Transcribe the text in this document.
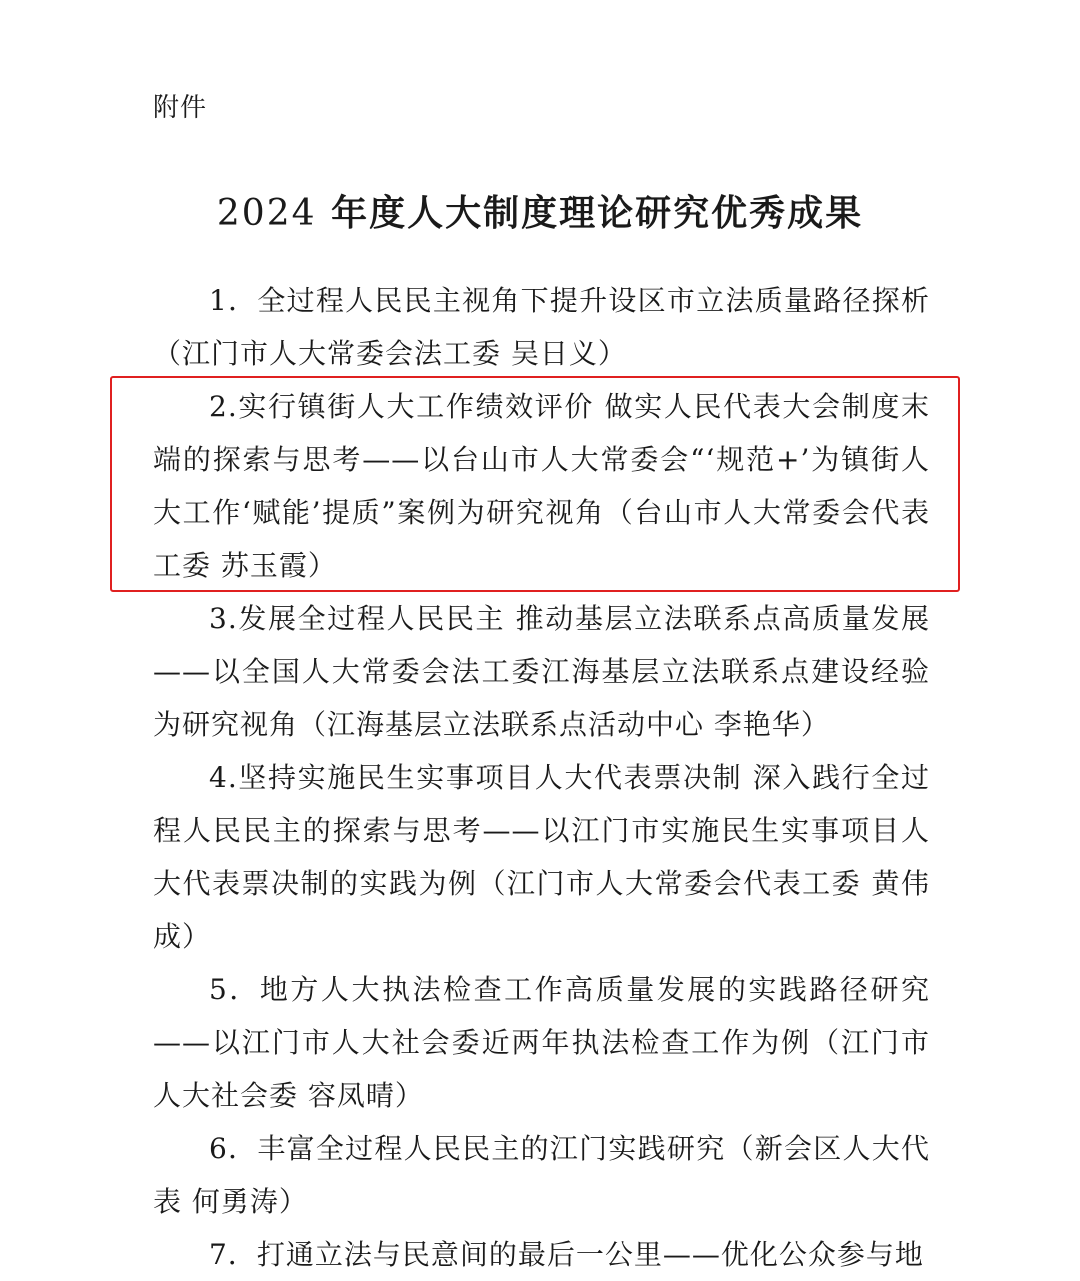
附件
2024 年度人大制度理论研究优秀成果
1．全过程人民民主视角下提升设区市立法质量路径探析（江门市人大常委会法工委 吴日义）
2.实行镇街人大工作绩效评价 做实人民代表大会制度末端的探索与思考——以台山市人大常委会“‘规范+’为镇街人大工作‘赋能’提质”案例为研究视角（台山市人大常委会代表工委 苏玉霞）
3.发展全过程人民民主 推动基层立法联系点高质量发展——以全国人大常委会法工委江海基层立法联系点建设经验为研究视角（江海基层立法联系点活动中心 李艳华）
4.坚持实施民生实事项目人大代表票决制 深入践行全过程人民民主的探索与思考——以江门市实施民生实事项目人大代表票决制的实践为例（江门市人大常委会代表工委 黄伟成）
5．地方人大执法检查工作高质量发展的实践路径研究——以江门市人大社会委近两年执法检查工作为例（江门市人大社会委 容凤晴）
6．丰富全过程人民民主的江门实践研究（新会区人大代表 何勇涛）
7．打通立法与民意间的最后一公里——优化公众参与地
